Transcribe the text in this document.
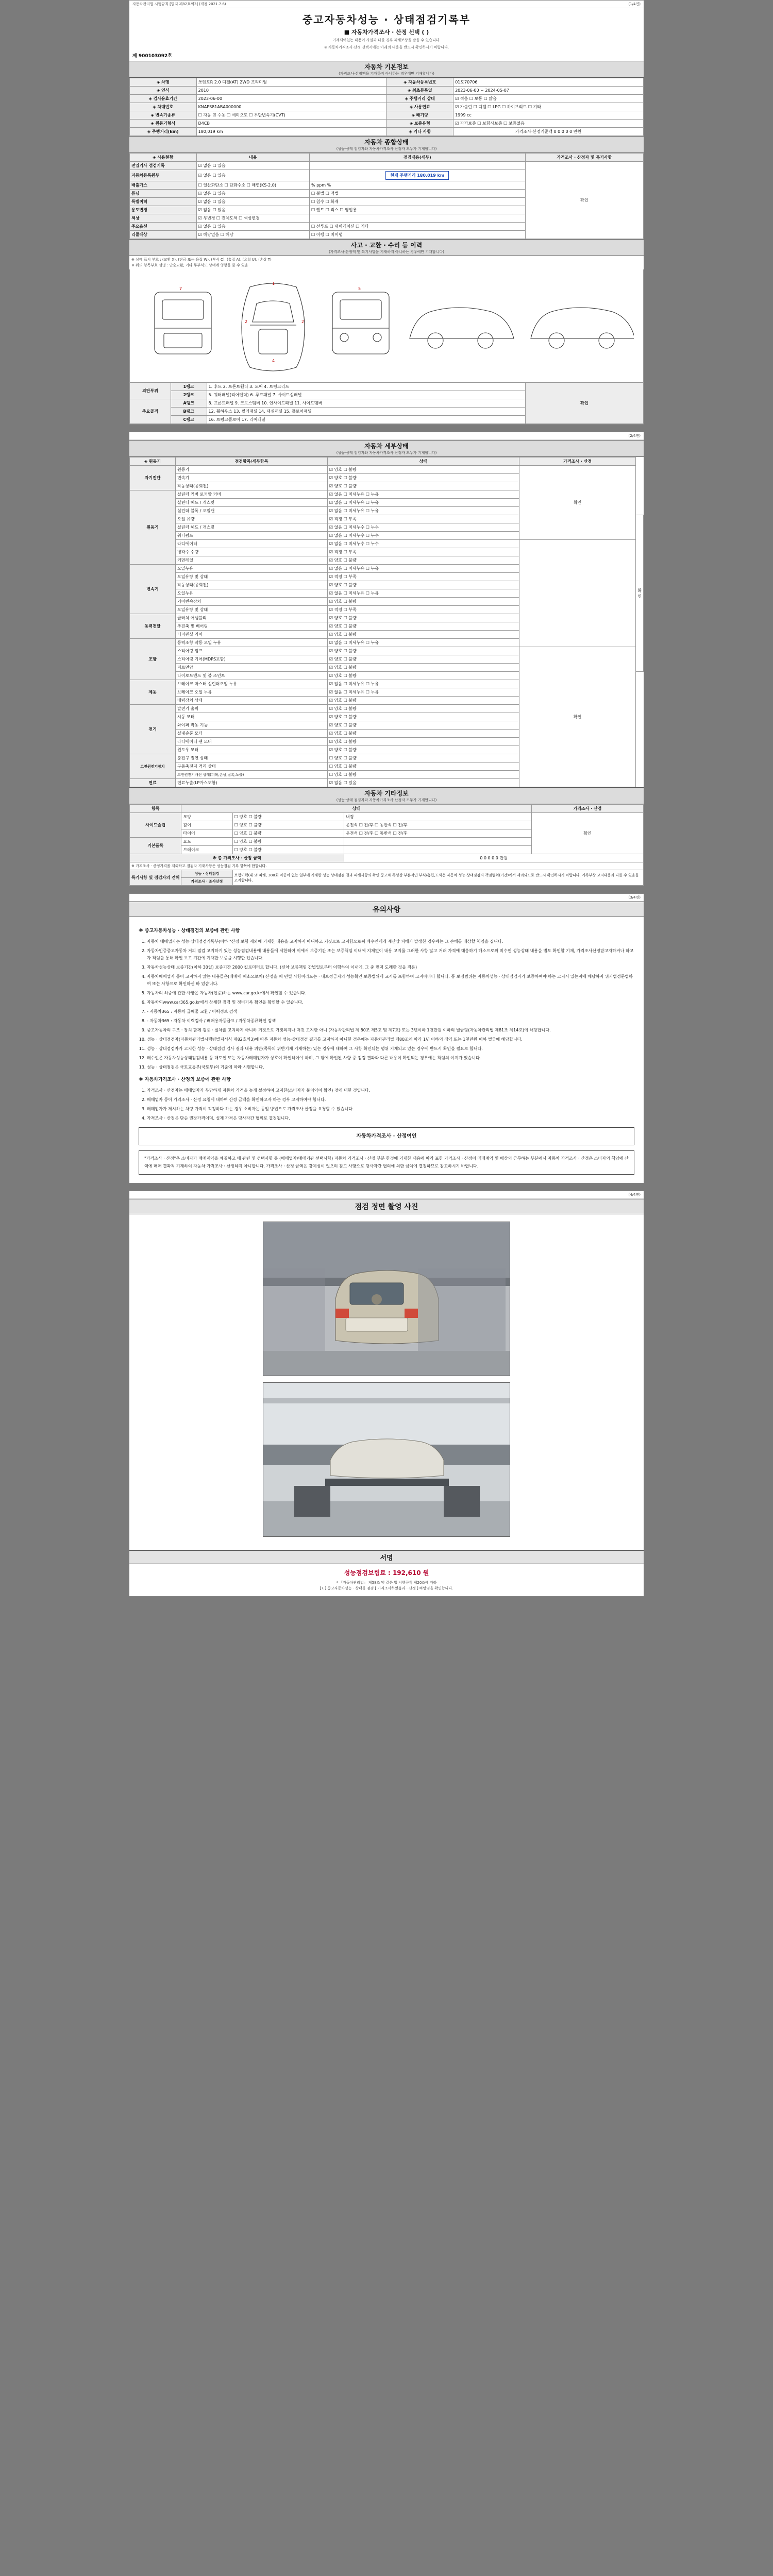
자동차관리법 시행규칙 [별지 제82호의3] (개정 2021.7.6)	(1/4면)
중고자동차성능 · 상태점검기록부
■ 자동차가격조사 · 산정 선택 ( )
기재되어있는 내용이 사실과 다를 경우 피해보상을 받을 수 있습니다.
※ 자동차가격조사·산정 선택시에는 아래의 내용을 반드시 확인하시기 바랍니다.
제 900103092호
자동차 기본정보
(가격조사·산정액을 기재하지 아니하는 경우에만 기재합니다)
◈ 차명	쏘렌토R 2.0 디젤(AT) 2WD 프리미엄	◈ 자동차등록번호	01도70706
◈ 연식	2010	◈ 최초등록일	2023-06-00 ~ 2024-05-07
◈ 검사유효기간	2023-06-00	◈ 주행거리 상태	☑ 적음 ☐ 보통 ☐ 많음
◈ 차대번호	KNAPS81ABA000000	◈ 사용연료	☑ 가솔린 ☐ 디젤 ☐ LPG ☐ 하이브리드 ☐ 기타
◈ 변속기종류	☐ 자동 ☑ 수동 ☐ 세미오토 ☐ 무단변속기(CVT)	◈ 배기량	1999 cc
◈ 원동기형식	D4CB	◈ 보증유형	☑ 자가보증 ☐ 보험사보증 ☐ 보증없음
◈ 주행거리(km)	180,019 km	◈ 기타 사항	가격조사·산정기준액 0 0 0 0 0 만원
자동차 종합상태
(성능·상태 점검자와 자동차가격조사·산정자 모두가 기재합니다)
◈ 사용현황	내용	점검내용(세부)	가격조사 · 산정자 및 특기사항
전입기사 점검기록	☑ 없음 ☐ 있음		확인
자동차등록원부	☑ 없음 ☐ 있음	현재 주행거리 180,019 km	
배출가스	☐ 일산화탄소 ☐ 탄화수소 ☐ 매연(KS-2.0)	% ppm %	
튜닝	☑ 없음 ☐ 있음	☐ 불법 ☐ 적법	
특별이력	☑ 없음 ☐ 있음	☐ 침수 ☐ 화재	
용도변경	☑ 없음 ☐ 있음	☐ 렌트 ☐ 리스 ☐ 영업용	
색상	☑ 무변경 ☐ 전체도색 ☐ 색상변경		
주요옵션	☑ 없음 ☐ 있음	☐ 선루프 ☐ 내비게이션 ☐ 기타	
리콜대상	☑ 해당없음 ☐ 해당	☐ 이행 ☐ 미이행	
사고 · 교환 · 수리 등 이력
(가격조사·산정액 및 특기사항을 기재하지 아니하는 경우에만 기재합니다)
※ 상태 표시 부호 : (교환 X), (판금 또는 용접 W), (부식 C), (흠집 A), (요철 U), (손상 T)
※ 위의 항목부호 설명 : 단순교환, 기타 무부식도 상태에 영향을 줄 수 있음
1
2	2
4
7	5
외판부위	1랭크	1. 후드 2. 프론트휀더 3. 도어 4. 트렁크리드	확인
	2랭크	5. 쿼터패널(리어펜더) 6. 루프패널 7. 사이드실패널	
주요골격	A랭크	8. 프론트패널 9. 크로스맴버 10. 인사이드패널 11. 사이드멤버	
	B랭크	12. 휠하우스 13. 필러패널 14. 대쉬패널 15. 플로어패널	
	C랭크	16. 트렁크플로어 17. 리어패널	
(2/4면)
자동차 세부상태
(성능·상태 점검자와 자동차가격조사·산정자 모두가 기재합니다)
◈ 원동기	점검항목/세부항목	상태	가격조사 · 산정	
자기진단	원동기	☑ 양호 ☐ 불량	확인	
	변속기	☑ 양호 ☐ 불량		
	작동상태(공회전)	☑ 양호 ☐ 불량		
원동기	실린더 커버 로커암 커버	☑ 없음 ☐ 미세누유 ☐ 누유		
	실린더 헤드 / 개스킷	☑ 없음 ☐ 미세누유 ☐ 누유		
	실린더 블록 / 오일팬	☑ 없음 ☐ 미세누유 ☐ 누유		
	오일 유량	☑ 적정 ☐ 부족		확인
	실린더 헤드 / 개스킷	☑ 없음 ☐ 미세누수 ☐ 누수		
	워터펌프	☑ 없음 ☐ 미세누수 ☐ 누수		
	라디에이터	☑ 없음 ☐ 미세누수 ☐ 누수		
	냉각수 수량	☑ 적정 ☐ 부족		
	커먼레일	☑ 양호 ☐ 불량		
변속기	오일누유	☑ 없음 ☐ 미세누유 ☐ 누유		
	오일유량 및 상태	☑ 적정 ☐ 부족		
	작동상태(공회전)	☑ 양호 ☐ 불량		
	오일누유	☑ 없음 ☐ 미세누유 ☐ 누유		
	기어변속장치	☑ 양호 ☐ 불량		
	오일유량 및 상태	☑ 적정 ☐ 부족		
동력전달	클러치 어셈블리	☑ 양호 ☐ 불량		
	추진축 및 베어링	☑ 양호 ☐ 불량		
	디퍼렌셜 기어	☑ 양호 ☐ 불량		
조향	동력조향 작동 오일 누유	☑ 없음 ☐ 미세누유 ☐ 누유		
	스티어링 펌프	☑ 양호 ☐ 불량	확인	
	스티어링 기어(MDPS포함)	☑ 양호 ☐ 불량		
	피트먼암	☑ 양호 ☐ 불량		
	타이로드엔드 및 볼 조인트	☑ 양호 ☐ 불량		
제동	브레이크 마스터 실린더오일 누유	☑ 없음 ☐ 미세누유 ☐ 누유		
	브레이크 오일 누유	☑ 없음 ☐ 미세누유 ☐ 누유		
	배력장치 상태	☑ 양호 ☐ 불량		
전기	발전기 출력	☑ 양호 ☐ 불량		
	시동 모터	☑ 양호 ☐ 불량		
	와이퍼 작동 기능	☑ 양호 ☐ 불량		
	실내송풍 모터	☑ 양호 ☐ 불량		
	라디에이터 팬 모터	☑ 양호 ☐ 불량		
	윈도우 모터	☑ 양호 ☐ 불량		
고전원전기장치	충전구 절연 상태	☐ 양호 ☐ 불량		
	구동축전지 격리 상태	☐ 양호 ☐ 불량		
	고전원전기배선 상태(피복,손상,접촉,노출)	☐ 양호 ☐ 불량		
연료	연료누출(LP가스포함)	☑ 없음 ☐ 있음		
자동차 기타정보
(성능·상태 점검자와 자동차가격조사·산정자 모두가 기재합니다)
항목	상태			가격조사 · 산정
사이드슬립	모양	☐ 양호 ☐ 불량	내경	확인
	깊이	☐ 양호 ☐ 불량	운전석 ☐ 전/후 ☐ 동반석 ☐ 전/후	
	타이어	☐ 양호 ☐ 불량	운전석 ☐ 전/후 ☐ 동반석 ☐ 전/후	
기본품목	요도	☐ 양호 ☐ 불량		
	브레이크	☐ 양호 ☐ 불량		
※ 총 가격조사 · 산정 금액			0 0 0 0 0 만원	
※ 가격조사 · 산정가격을 제외하고 점검자 기재사항은 성능점검 기록 항목에 한합니다.				
특기사항 및 점검자의 견해	성능 · 상태점검	보험이력(내·외 피해, 380회 미중이 없는 일부에 기재한 성능·상태점검 결과 피해사항의 확인 중고차 특성상 부분적인 부식/흠집,도색은 자동차 성능·상태점검자 책임범위(기간)에서 제외되므로 반드시 확인하시기 바랍니다. 기록부상 고지내용과 다를 수 있음을 고지합니다.		
	가격조사 · 조사산정			
(3/4면)
유의사항
※ 중고자동차성능 · 상태점검의 보증에 관한 사항
1. 자동차 매매업자는 성능·상태점검기록부(이하 "산정 보험 제외에 기재한 내용을 고지하지 아니하고 거짓으로 고지함으로써 매수인에게 재산상 피해가 발생한 경우에는 그 손해를 배상할 책임을 집니다.
2. 자동차인증중고자동차 거의 점검 고지하기 있는 성능점검내용에 내용들에 제한하여 이에서 보증기간 또는 보증책임 이내에 지체없이 내용 고지를 그러한 사항 않고 거래 가격에 대응하기 해소으로써 미수인 성능상태 내용을 별도 확인할 기재, 가격조사산정받고자하거나 하고자 책임을 통해 확인 보고 기간에 기재한 보증을 시행한 있습니다.
3. 자동차성능상태 보증기간(이하 30일) 보증기간 2000 킬로미터로 합니다. (신차 보증책임 간별일로부터 이행하여 이내에, 그 중 먼저 도래한 것을 적용)
4. 자동차매매업자 등이 고지하지 않는 내용들은(매매에 해소으로써) 산정을 배 면별 사항이라도는 · 내보정금지의 성능확인 보증법위에 교시를 포함하여 고지아바타 합니다. 통 보정범위는 자동차성능 · 상태점검자가 보증하여야 하는 고지서 있는지에 해당하지 위기법정문법하여 또는 사항으로 확인하신 바 있습니다.
5. 자동차의 하중에 관한 사항은 자동차(인증)하는 www.car.go.kr에서 확인할 수 있습니다.
6. 자동차의www.car365.go.kr에서 상세한 점검 및 정비기록 확인을 확인할 수 있습니다.
7. - 자동차365 : 자동차 급매물 교환 / 이력정보 검색
8. - 자동차365 : 자동차 이력검사 / 배매용자등급표 / 자동차종류확인 검색
9. 중고자동차의 구조 · 장치 함께 검증 · 실차를 고지하지 아니하 거짓으로 거짓의지나 저것 고지한 아니 (자동차관리법 제 80조 제5호 및 제7호) 또는 3년이하 1천만원 이하의 벌금형(자동차관리법 제81조 제14호)에 해당합니다.
10. 성능 · 상태점검자(자동차관리법시행령별지서식 제82호의3)에 따른 자동차 성능·상태점검 결과를 고지하지 아니한 경우에는 자동차관리법 제80조에 따라 1년 이하의 징역 또는 1천만원 이하 벌금에 해당합니다.
11. 성능 · 상태점검자가 고지한 성능 · 상태점검 검사 결과 내용 위반(목록의 위반기재 기재하는) 있는 경우에 대하여 그 사항 확인되는 행위 기재되고 있는 경우에 반드시 확인을 필요로 합니다.
12. 매수인은 자동차성능상태점검내용 등 매도인 또는 자동차매매업자가 상호이 확인하여야 하며, 그 밖에 확인된 사항 중 점검 결과와 다른 내용이 확인되는 경우에는 책임의 여지가 있습니다.
13. 성능 · 상태점검은 국토교통부(국토부)의 기준에 따라 시행합니다.
※ 자동차가격조사 · 산정의 보증에 관한 사항
1. 가격조사 · 산정자는 매매업자가 부당하게 자동차 가격을 높게 설정하여 고지한(소비자가 불이익이 확인) 것에 대한 것입니다.
2. 매매업자 등이 가격조사 · 산정 요청에 대하여 산정 금액을 확인하고자 하는 경우 고지하여야 합니다.
3. 매매업자가 제시하는 차량 가격이 적정하다 하는 경우 소비자는 동일 방법으로 가격조사 산정을 요청할 수 있습니다.
4. 가격조사 · 산정은 단순 권장가격이며, 실제 가격은 당사자간 협의로 결정됩니다.
자동차가격조사 · 산정여인
"가격조사 · 산정"은 소비자가 매매계약을 체결하고 매 관련 및 선택사항 등 (매매업자/매매기관 선택사항) 자동차 가격조사 · 산정 부분 한것에 기재한 내용에 따라 표한 가격조사 · 산정이 매매계약 및 배상의 근무하는 부분에서 자동차 가격조사 · 산정은 소비자의 책임에 산액에 매매 결과적 기재하여 자동차 가격조사 · 산정하지 아니합니다. 가격조사 · 산정 금액은 강제성이 없으며 참고 사항으로 당사자간 협의에 의한 금액에 결정하므로 참고하시기 바랍니다.
(4/4면)
점검 정면 촬영 사진
서명
성능점검보험료 : 192,610 원
* 「자동차관리법」 제58조 및 같은 법 시행규칙 제20조에 따라
[ㄴ] 중고자동차성능 · 상태를 점검 [ 가격조사하였음과 · 산정 ] 바탕임을 확인합니다.
